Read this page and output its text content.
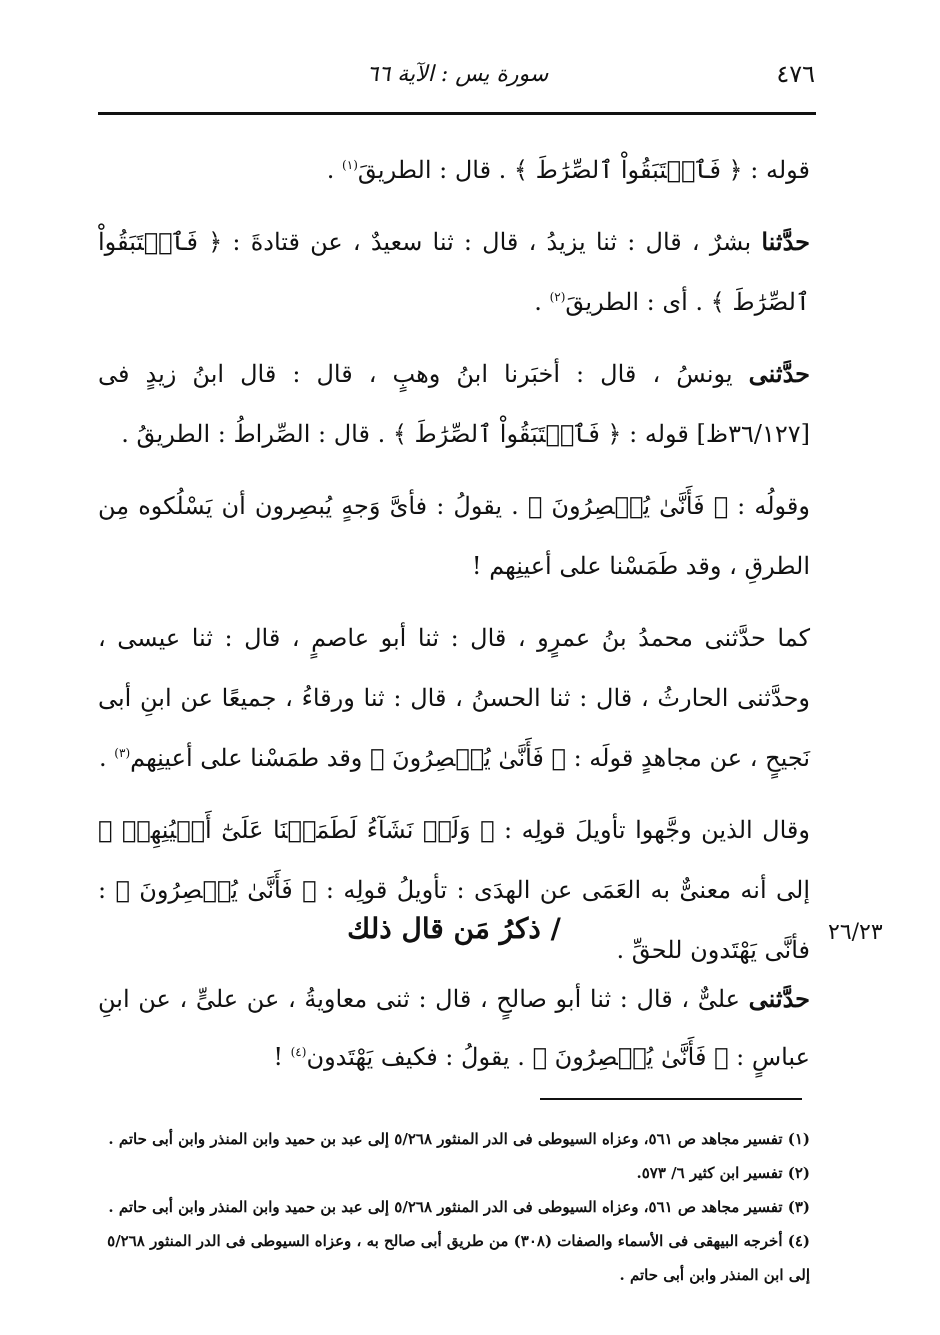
٤٧٦
سورة يس : الآية ٦٦

قوله : ﴿ فَٱسۡتَبَقُواْ ٱلصِّرَٰطَ ﴾ . قال : الطريقَ$^{(١)}$ .

حدَّثنا بشرٌ ، قال : ثنا يزيدُ ، قال : ثنا سعيدٌ ، عن قتادةَ : ﴿ فَٱسۡتَبَقُواْ ٱلصِّرَٰطَ ﴾ . أى : الطريقَ$^{(٢)}$ .

حدَّثنى يونسُ ، قال : أخبَرنا ابنُ وهبٍ ، قال : قال ابنُ زيدٍ فى [٣٦/١٢٧ظ] قوله : ﴿ فَٱسۡتَبَقُواْ ٱلصِّرَٰطَ ﴾ . قال : الصِّراطُ : الطريقُ .

وقولُه : ﴿ فَأَنَّىٰ يُبۡصِرُونَ ﴾ . يقولُ : فأىَّ وَجهٍ يُبصِرون أن يَسْلُكوه مِن الطرقِ ، وقد طَمَسْنا على أعينِهم !

كما حدَّثنى محمدُ بنُ عمرٍو ، قال : ثنا أبو عاصمٍ ، قال : ثنا عيسى ، وحدَّثنى الحارثُ ، قال : ثنا الحسنُ ، قال : ثنا ورقاءُ ، جميعًا عن ابنِ أبى نَجيحٍ ، عن مجاهدٍ قولَه : ﴿ فَأَنَّىٰ يُبۡصِرُونَ ﴾ وقد طمَسْنا على أعينِهم$^{(٣)}$ .

وقال الذين وجَّهوا تأويلَ قولِه : ﴿ وَلَوۡ نَشَآءُ لَطَمَسۡنَا عَلَىٰٓ أَعۡيُنِهِمۡ ﴾ إلى أنه معنىٌّ به العَمَى عن الهدَى : تأويلُ قولِه : ﴿ فَأَنَّىٰ يُبۡصِرُونَ ﴾ : فأنَّى يَهْتَدون للحقِّ .

٢٦/٢٣
/ ذكرُ مَن قال ذلك

حدَّثنى علىٌّ ، قال : ثنا أبو صالحٍ ، قال : ثنى معاويةُ ، عن علىٍّ ، عن ابنِ عباسٍ : ﴿ فَأَنَّىٰ يُبۡصِرُونَ ﴾ . يقولُ : فكيف يَهْتَدون$^{(٤)}$ !

(١) تفسير مجاهد ص ٥٦١، وعزاه السيوطى فى الدر المنثور ٥/٢٦٨ إلى عبد بن حميد وابن المنذر وابن أبى حاتم .

(٢) تفسير ابن كثير ٦/ ٥٧٣.

(٣) تفسير مجاهد ص ٥٦١، وعزاه السيوطى فى الدر المنثور ٥/٢٦٨ إلى عبد بن حميد وابن المنذر وابن أبى حاتم .

(٤) أخرجه البيهقى فى الأسماء والصفات (٣٠٨) من طريق أبى صالح به ، وعزاه السيوطى فى الدر المنثور ٥/٢٦٨ إلى ابن المنذر وابن أبى حاتم .
